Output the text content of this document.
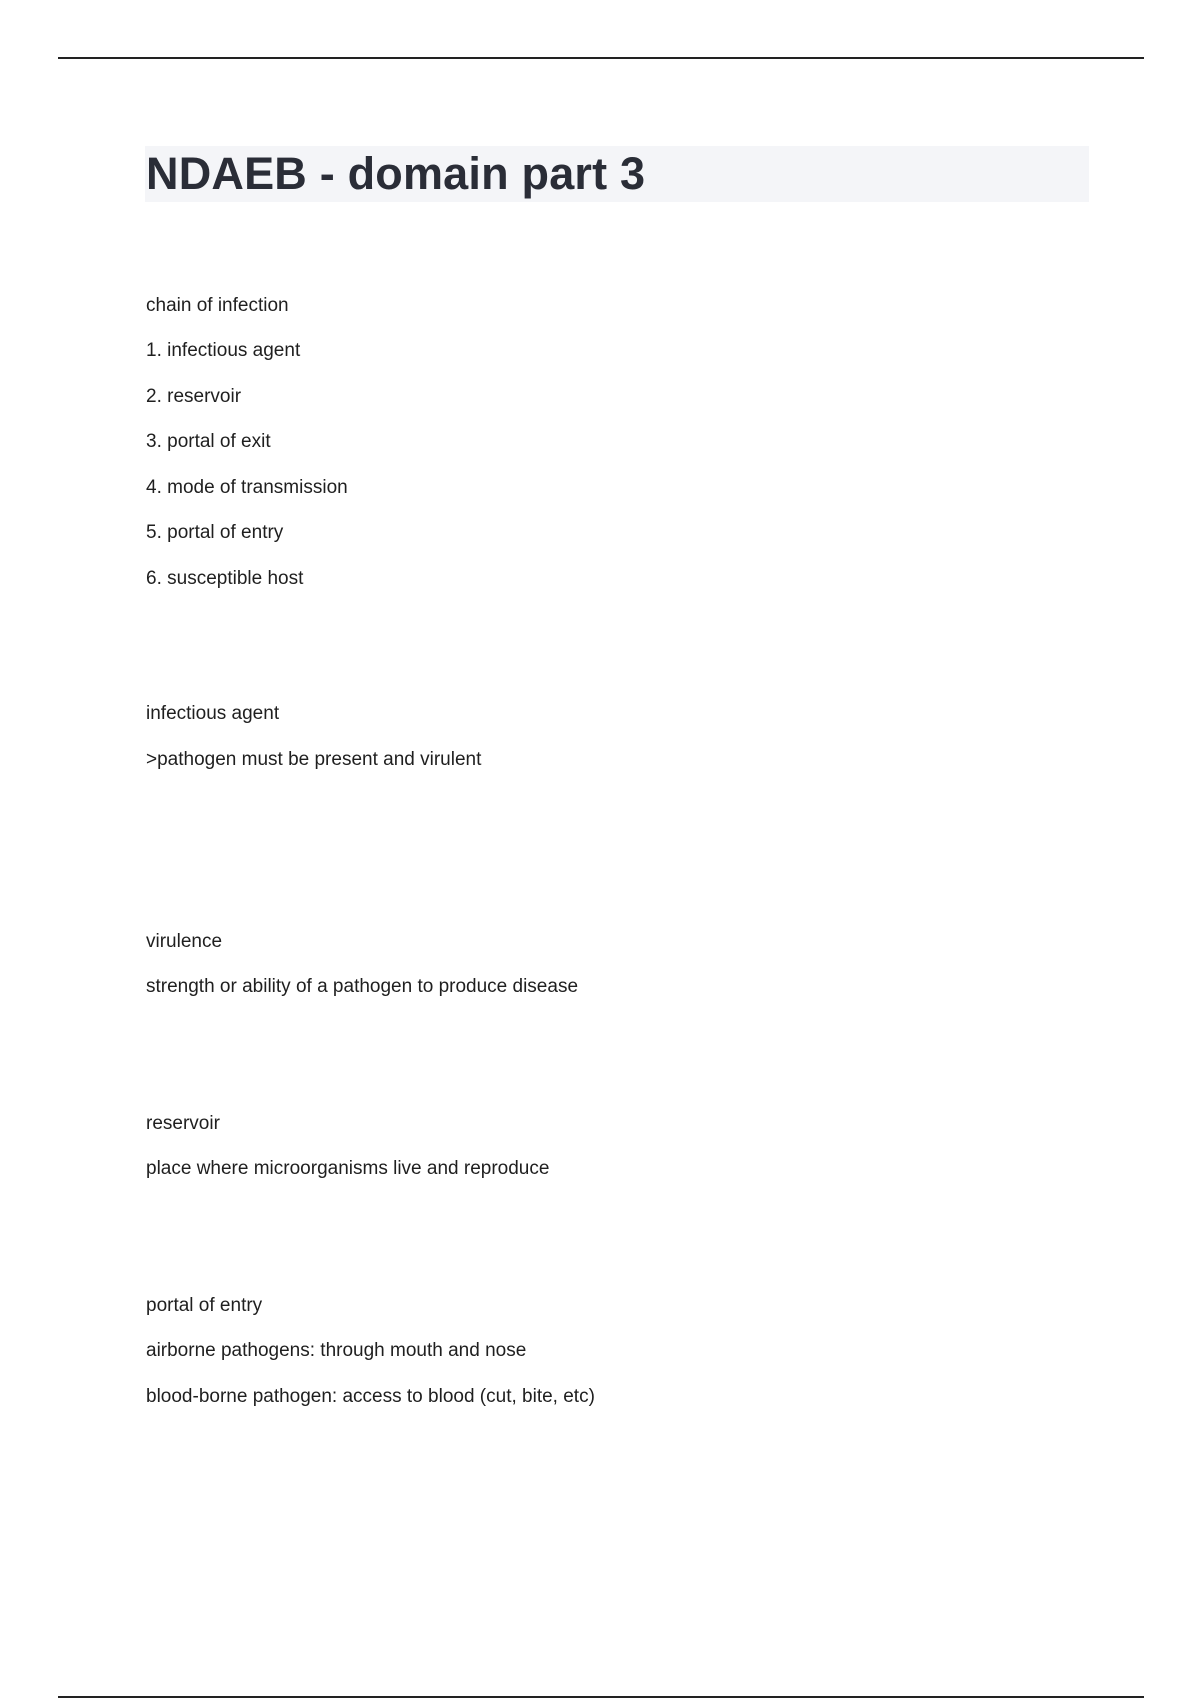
NDAEB - domain part 3

chain of infection

1. infectious agent

2. reservoir

3. portal of exit

4. mode of transmission

5. portal of entry

6. susceptible host

infectious agent

>pathogen must be present and virulent

virulence

strength or ability of a pathogen to produce disease

reservoir

place where microorganisms live and reproduce

portal of entry

airborne pathogens: through mouth and nose

blood-borne pathogen: access to blood (cut, bite, etc)
